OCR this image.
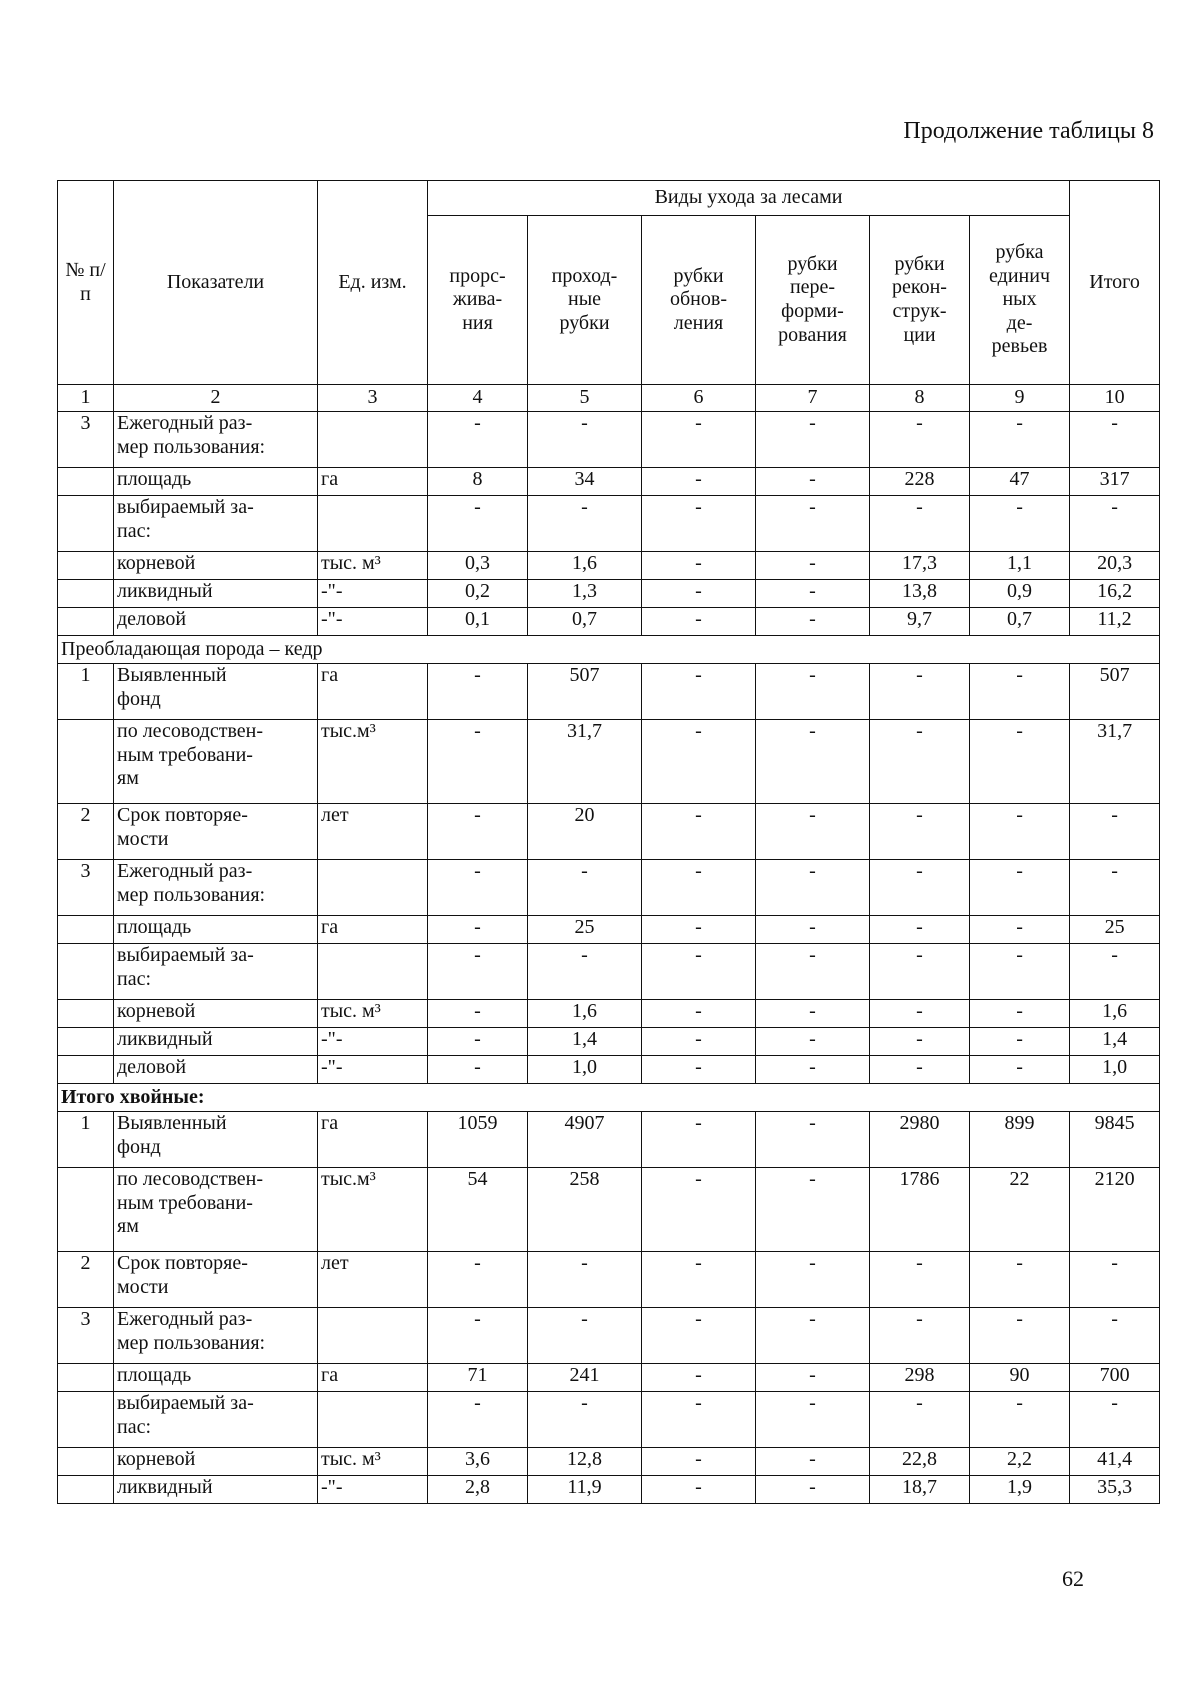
Продолжение таблицы 8
№ п/п	Показатели	Ед. изм.	Виды ухода за лесами						Итого
			прорс-
жива-
ния	проход-
ные
рубки	рубки
обнов-
ления	рубки
пере-
форми-
рования	рубки
рекон-
струк-
ции	рубка
единич
ных
де-
ревьев	
1	2	3	4	5	6	7	8	9	10
3	Ежегодный раз-
мер пользования:		-	-	-	-	-	-	-
	площадь	га	8	34	-	-	228	47	317
	выбираемый за-
пас:		-	-	-	-	-	-	-
	корневой	тыс. м³	0,3	1,6	-	-	17,3	1,1	20,3
	ликвидный	-"-	0,2	1,3	-	-	13,8	0,9	16,2
	деловой	-"-	0,1	0,7	-	-	9,7	0,7	11,2
Преобладающая порода – кедр									
1	Выявленный
фонд	га	-	507	-	-	-	-	507
	по лесоводствен-
ным требовани-
ям	тыс.м³	-	31,7	-	-	-	-	31,7
2	Срок повторяе-
мости	лет	-	20	-	-	-	-	-
3	Ежегодный раз-
мер пользования:		-	-	-	-	-	-	-
	площадь	га	-	25	-	-	-	-	25
	выбираемый за-
пас:		-	-	-	-	-	-	-
	корневой	тыс. м³	-	1,6	-	-	-	-	1,6
	ликвидный	-"-	-	1,4	-	-	-	-	1,4
	деловой	-"-	-	1,0	-	-	-	-	1,0
Итого хвойные:									
1	Выявленный
фонд	га	1059	4907	-	-	2980	899	9845
	по лесоводствен-
ным требовани-
ям	тыс.м³	54	258	-	-	1786	22	2120
2	Срок повторяе-
мости	лет	-	-	-	-	-	-	-
3	Ежегодный раз-
мер пользования:		-	-	-	-	-	-	-
	площадь	га	71	241	-	-	298	90	700
	выбираемый за-
пас:		-	-	-	-	-	-	-
	корневой	тыс. м³	3,6	12,8	-	-	22,8	2,2	41,4
	ликвидный	-"-	2,8	11,9	-	-	18,7	1,9	35,3
62
